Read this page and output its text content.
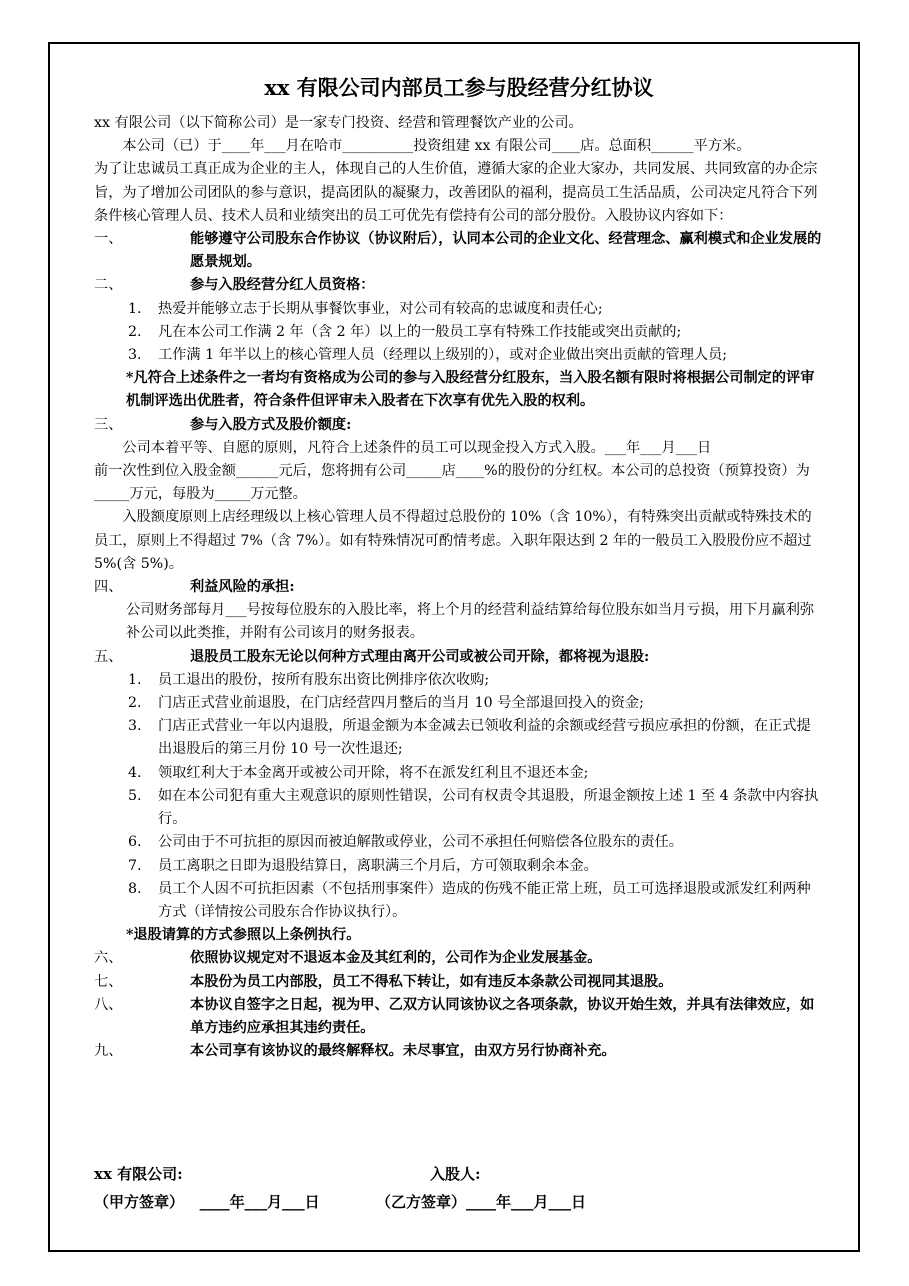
xx 有限公司内部员工参与股经营分红协议

xx 有限公司（以下简称公司）是一家专门投资、经营和管理餐饮产业的公司。

本公司（已）于____年___月在哈市__________投资组建 xx 有限公司____店。总面积______平方米。

为了让忠诚员工真正成为企业的主人，体现自己的人生价值，遵循大家的企业大家办，共同发展、共同致富的办企宗旨，为了增加公司团队的参与意识，提高团队的凝聚力，改善团队的福利，提高员工生活品质，公司决定凡符合下列条件核心管理人员、技术人员和业绩突出的员工可优先有偿持有公司的部分股份。入股协议内容如下：

一、	能够遵守公司股东合作协议（协议附后），认同本公司的企业文化、经营理念、赢利模式和企业发展的愿景规划。
二、	参与入股经营分红人员资格：
1. 热爱并能够立志于长期从事餐饮事业，对公司有较高的忠诚度和责任心;
2. 凡在本公司工作满 2 年（含 2 年）以上的一般员工享有特殊工作技能或突出贡献的;
3. 工作满 1 年半以上的核心管理人员（经理以上级别的），或对企业做出突出贡献的管理人员;

*凡符合上述条件之一者均有资格成为公司的参与入股经营分红股东，当入股名额有限时将根据公司制定的评审机制评选出优胜者，符合条件但评审未入股者在下次享有优先入股的权利。

三、	参与入股方式及股价额度:

公司本着平等、自愿的原则，凡符合上述条件的员工可以现金投入方式入股。___年___月___日

前一次性到位入股金额______元后，您将拥有公司_____店____%的股份的分红权。本公司的总投资（预算投资）为_____万元，每股为_____万元整。

入股额度原则上店经理级以上核心管理人员不得超过总股份的 10%（含 10%），有特殊突出贡献或特殊技术的员工，原则上不得超过 7%（含 7%）。如有特殊情况可酌情考虑。入职年限达到 2 年的一般员工入股股份应不超过 5%(含 5%)。

四、	利益风险的承担:

公司财务部每月___号按每位股东的入股比率，将上个月的经营利益结算给每位股东如当月亏损，用下月赢利弥补公司以此类推，并附有公司该月的财务报表。

五、	退股员工股东无论以何种方式理由离开公司或被公司开除，都将视为退股:
1. 员工退出的股份，按所有股东出资比例排序依次收购;
2. 门店正式营业前退股，在门店经营四月整后的当月 10 号全部退回投入的资金;
3. 门店正式营业一年以内退股，所退金额为本金减去已领收利益的余额或经营亏损应承担的份额，在正式提出退股后的第三月份 10 号一次性退还;
4. 领取红利大于本金离开或被公司开除，将不在派发红利且不退还本金;
5. 如在本公司犯有重大主观意识的原则性错误，公司有权责令其退股，所退金额按上述 1 至 4 条款中内容执行。
6. 公司由于不可抗拒的原因而被迫解散或停业，公司不承担任何赔偿各位股东的责任。
7. 员工离职之日即为退股结算日，离职满三个月后，方可领取剩余本金。
8. 员工个人因不可抗拒因素（不包括刑事案件）造成的伤残不能正常上班，员工可选择退股或派发红利两种方式（详情按公司股东合作协议执行）。

*退股请算的方式参照以上条例执行。

六、	依照协议规定对不退返本金及其红利的，公司作为企业发展基金。
七、	本股份为员工内部股，员工不得私下转让，如有违反本条款公司视同其退股。
八、	本协议自签字之日起，视为甲、乙双方认同该协议之各项条款，协议开始生效，并具有法律效应，如单方违约应承担其违约责任。
九、	本公司享有该协议的最终解释权。未尽事宜，由双方另行协商补充。
xx 有限公司:	入股人:
（甲方签章）   ____年___月___日	（乙方签章）____年___月___日
